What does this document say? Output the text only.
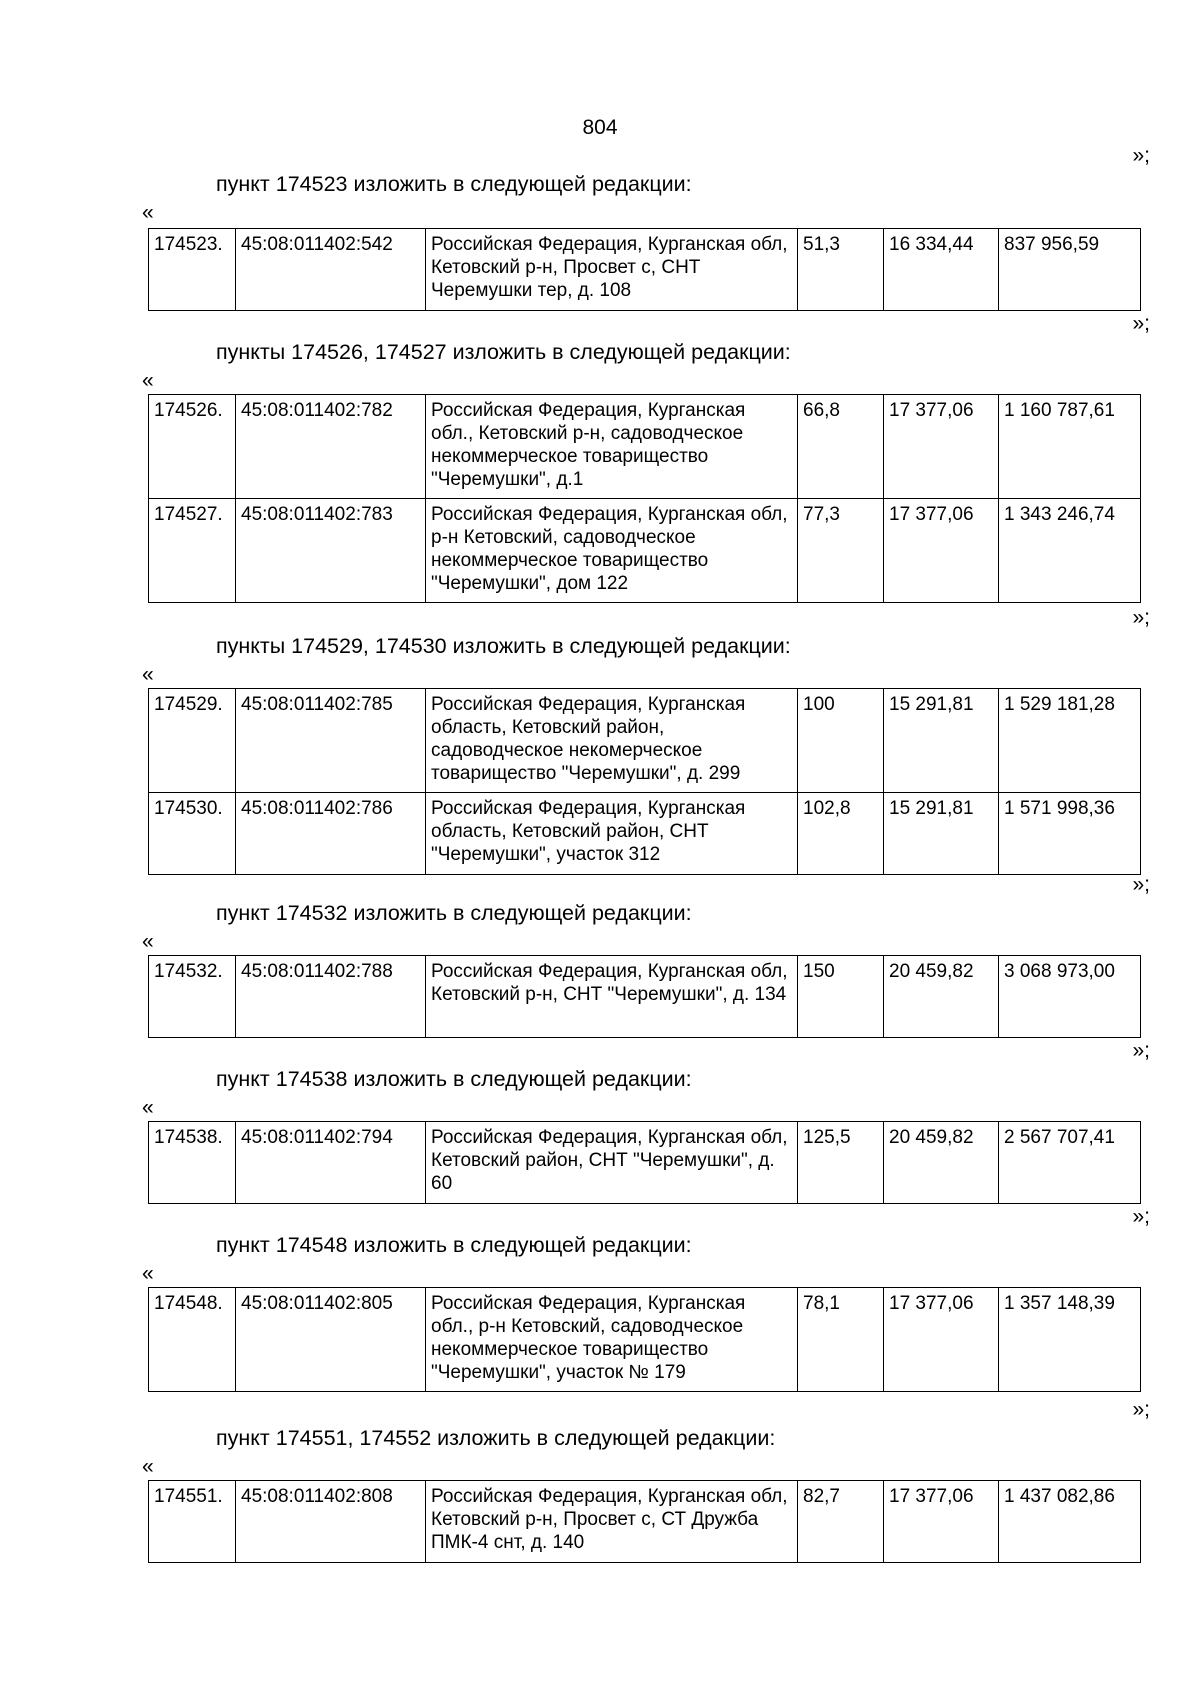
804
»;
пункт 174523 изложить в следующей редакции:
«
174523.	45:08:011402:542	Российская Федерация, Курганская обл, Кетовский р-н, Просвет с, СНТ Черемушки тер, д. 108	51,3	16 334,44	837 956,59
»;
пункты 174526, 174527 изложить в следующей редакции:
«
174526.	45:08:011402:782	Российская Федерация, Курганская обл., Кетовский р-н, садоводческое некоммерческое товарищество "Черемушки", д.1	66,8	17 377,06	1 160 787,61
174527.	45:08:011402:783	Российская Федерация, Курганская обл, р-н Кетовский, садоводческое некоммерческое товарищество "Черемушки", дом 122	77,3	17 377,06	1 343 246,74
»;
пункты 174529, 174530 изложить в следующей редакции:
«
174529.	45:08:011402:785	Российская Федерация, Курганская область, Кетовский район, садоводческое некомерческое товарищество "Черемушки", д. 299	100	15 291,81	1 529 181,28
174530.	45:08:011402:786	Российская Федерация, Курганская область, Кетовский район, СНТ "Черемушки", участок 312	102,8	15 291,81	1 571 998,36
»;
пункт 174532 изложить в следующей редакции:
«
174532.	45:08:011402:788	Российская Федерация, Курганская обл, Кетовский р-н, СНТ "Черемушки", д. 134	150	20 459,82	3 068 973,00
»;
пункт 174538 изложить в следующей редакции:
«
174538.	45:08:011402:794	Российская Федерация, Курганская обл, Кетовский район, СНТ "Черемушки", д. 60	125,5	20 459,82	2 567 707,41
»;
пункт 174548 изложить в следующей редакции:
«
174548.	45:08:011402:805	Российская Федерация, Курганская обл., р-н Кетовский, садоводческое некоммерческое товарищество "Черемушки", участок № 179	78,1	17 377,06	1 357 148,39
»;
пункт 174551, 174552 изложить в следующей редакции:
«
174551.	45:08:011402:808	Российская Федерация, Курганская обл, Кетовский р-н, Просвет с, СТ Дружба ПМК-4 снт, д. 140	82,7	17 377,06	1 437 082,86
